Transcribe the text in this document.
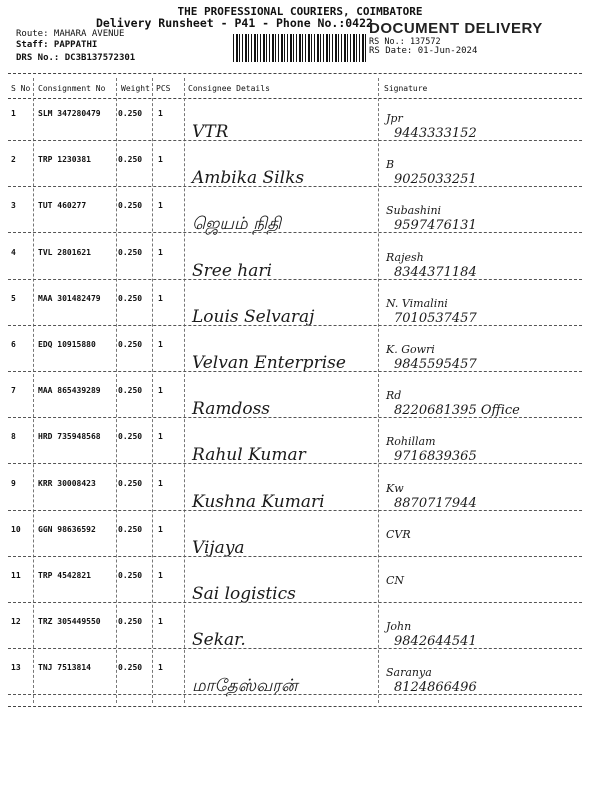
THE PROFESSIONAL COURIERS, COIMBATORE
Delivery Runsheet - P41 - Phone No.:0422
Route: MAHARA AVENUE
Staff: PAPPATHI
DRS No.: DC3B137572301
DOCUMENT DELIVERY
RS No.: 137572
RS Date: 01-Jun-2024
S No Consignment No Weight PCS Consignee Details	Signature
1	SLM 347280479 0.250 1
VTR
Jpr
9443333152
2	TRP 1230381	0.250 1
Ambika Silks
B
9025033251
3	TUT 460277	0.250 1
ஜெயம் நிதி
Subashini
9597476131
4	TVL 2801621	0.250 1
Sree hari
Rajesh
8344371184
5	MAA 301482479 0.250 1
Louis Selvaraj
N. Vimalini
7010537457
6	EDQ 10915880	0.250 1
Velvan Enterprise
K. Gowri
9845595457
7	MAA 865439289 0.250 1
Ramdoss
Rd
8220681395 Office
8	HRD 735948568 0.250 1
Rahul Kumar
Rohillam
9716839365
9	KRR 30008423	0.250 1
Kushna Kumari
Kw
8870717944
10 GGN 98636592	0.250 1
Vijaya
CVR
11 TRP 4542821	0.250 1
Sai logistics
CN
12 TRZ 305449550 0.250 1
Sekar.
John
9842644541
13 TNJ 7513814	0.250 1
மாதேஸ்வரன்
Saranya
8124866496
